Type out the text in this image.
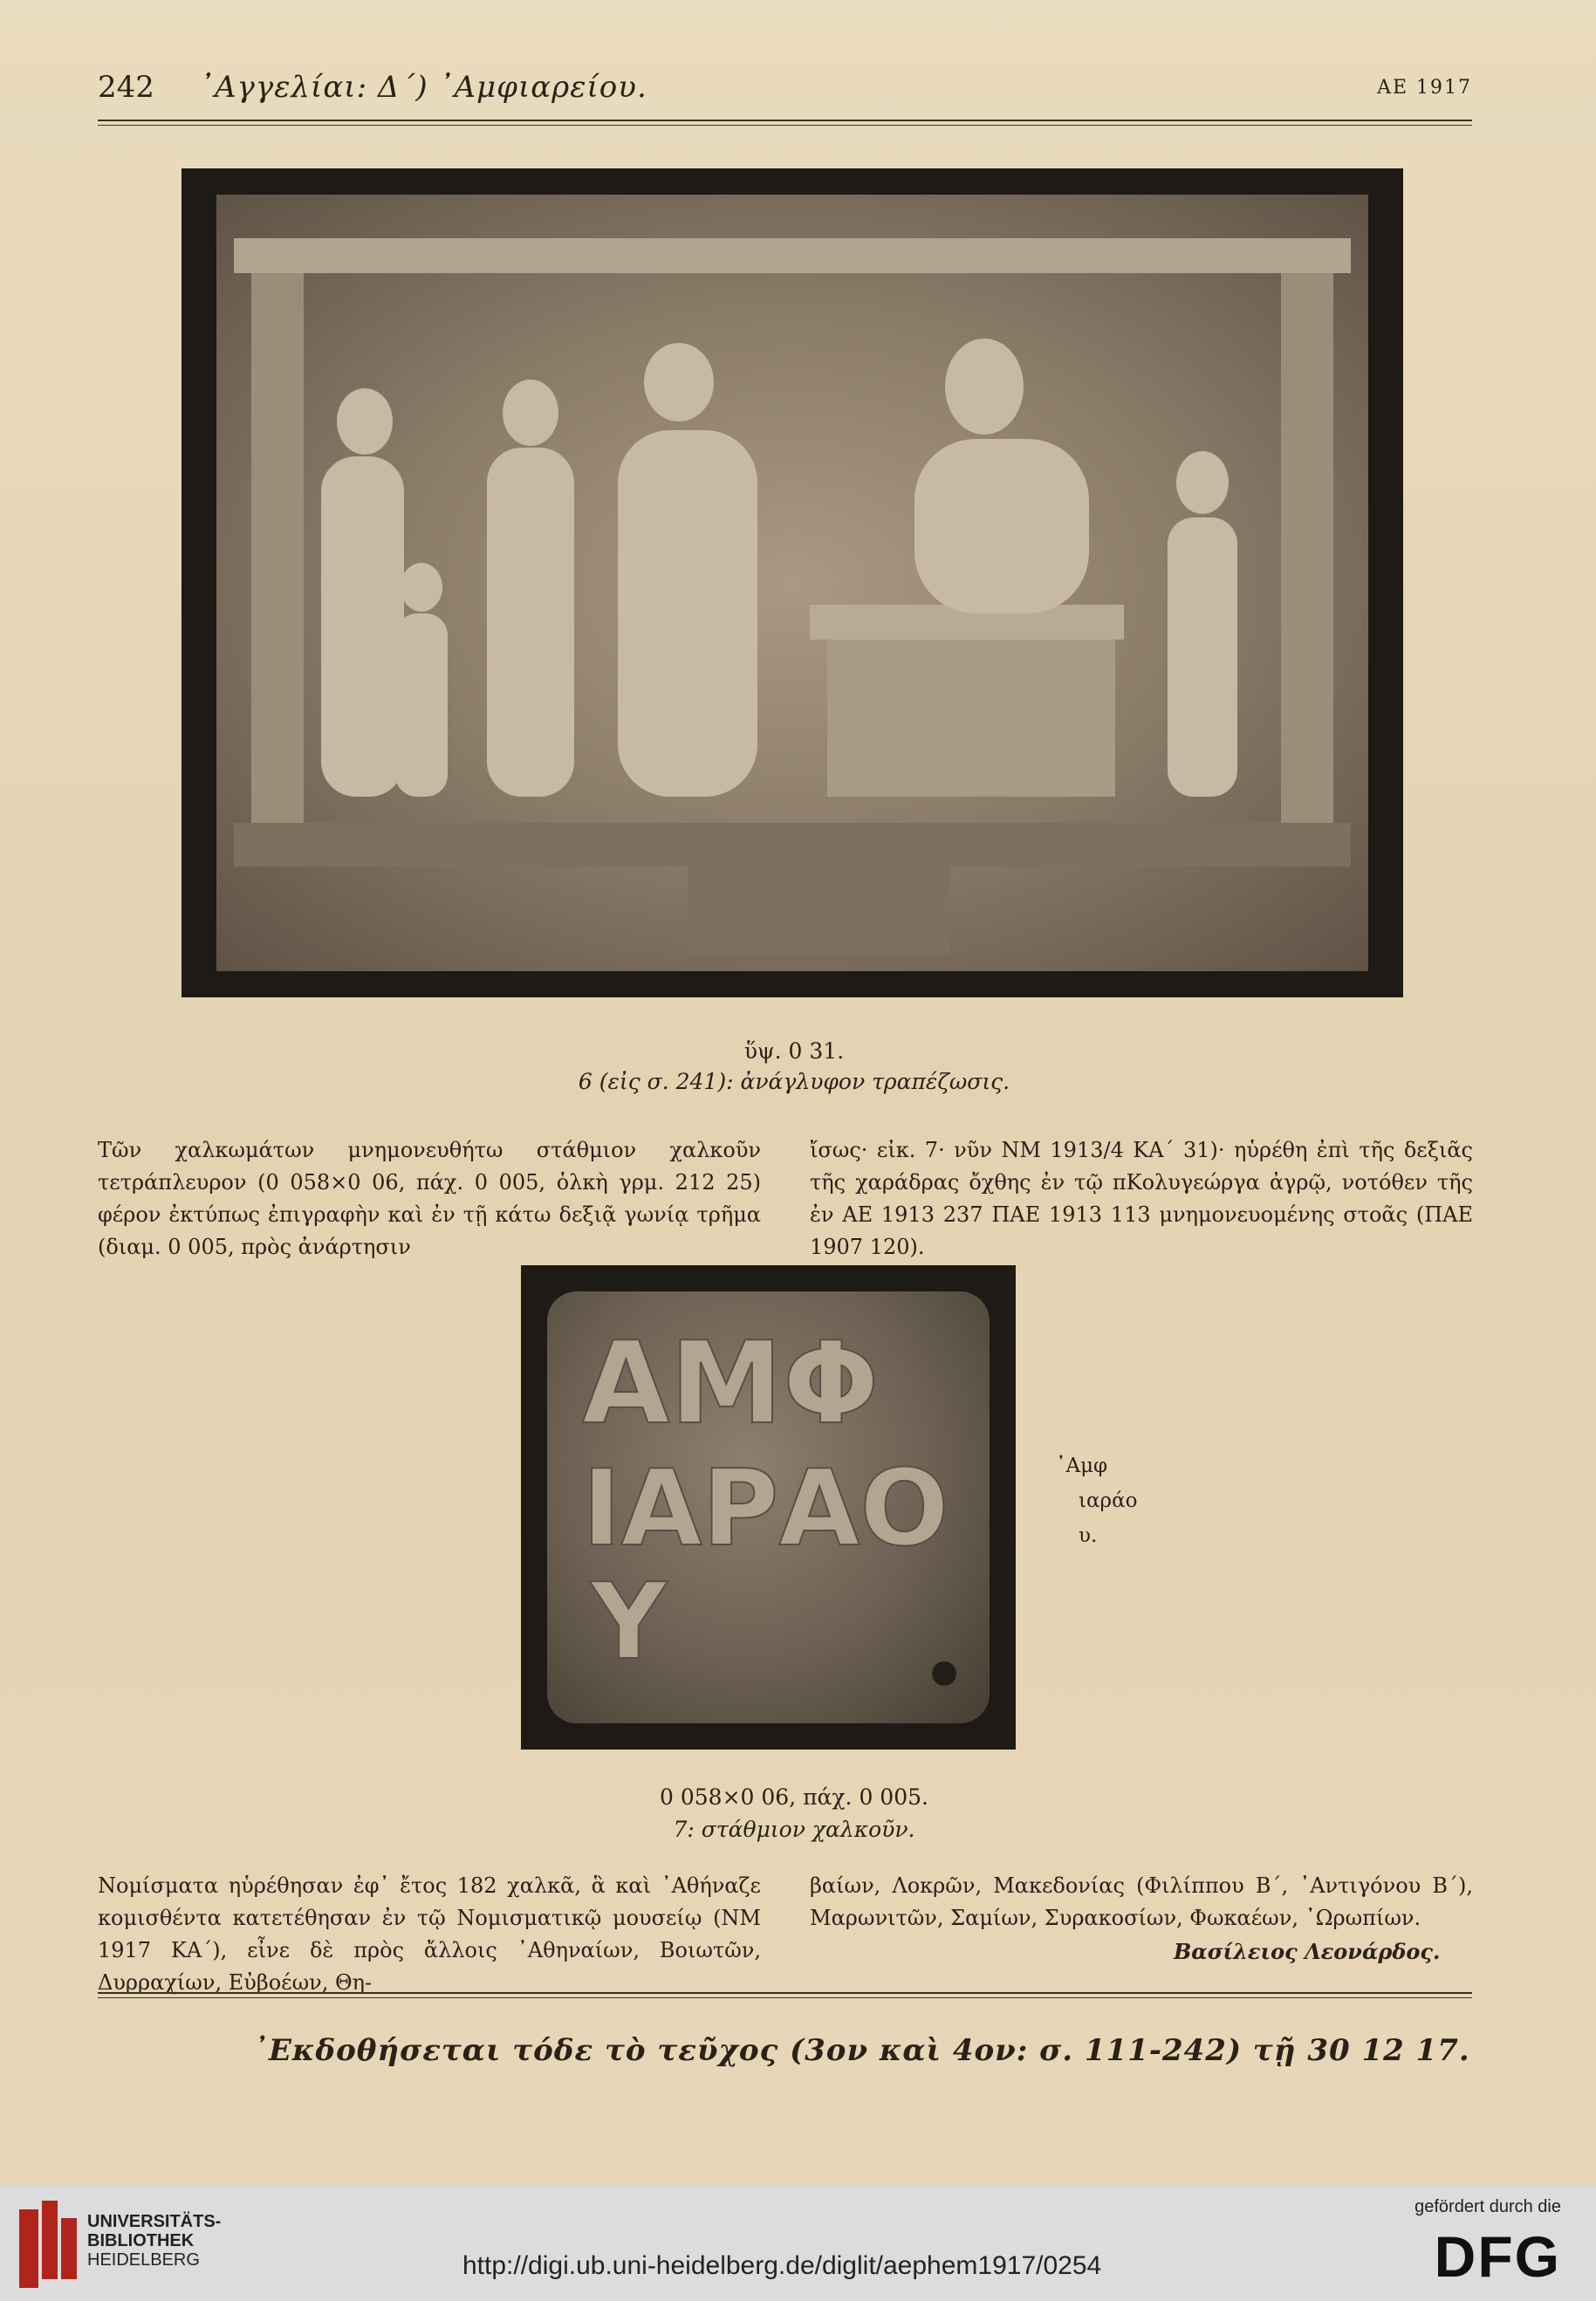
242 ᾿Αγγελίαι: Δ´) ᾿Αμφιαρείου.	ΑΕ 1917
ὕψ. 0 31.
6 (εἰς σ. 241): ἀνάγλυφον τραπέζωσις.
Τῶν χαλκωμάτων μνημονευθήτω στάθμιον χαλκοῦν τετράπλευρον (0 058×0 06, πάχ. 0 005, ὁλκὴ γρμ. 212 25) φέρον ἐκτύπως ἐπιγραφὴν καὶ ἐν τῇ κάτω δεξιᾷ γωνίᾳ τρῆμα (διαμ. 0 005, πρὸς ἀνάρτησιν
ἴσως· εἰκ. 7· νῦν ΝΜ 1913/4 ΚΑ´ 31)· ηὑρέθη ἐπὶ τῆς δεξιᾶς τῆς χαράδρας ὄχθης ἐν τῷ πΚολυγεώργα ἀγρῷ, νοτόθεν τῆς ἐν ΑΕ 1913 237 ΠΑΕ 1913 113 μνημονευομένης στοᾶς (ΠΑΕ 1907 120).
ΑΜΦ
ΙΑΡΑΟ
Υ
᾿Αμφ
ιαράο
υ.
0 058×0 06, πάχ. 0 005.
7: στάθμιον χαλκοῦν.
Νομίσματα ηὑρέθησαν ἐφ᾿ ἔτος 182 χαλκᾶ, ἃ καὶ ᾿Αθήναζε κομισθέντα κατετέθησαν ἐν τῷ Νομισματικῷ μουσείῳ (ΝΜ 1917 ΚΑ´), εἶνε δὲ πρὸς ἄλλοις ᾿Αθηναίων, Βοιωτῶν, Δυρραχίων, Εὐβοέων, Θη-
βαίων, Λοκρῶν, Μακεδονίας (Φιλίππου Β´, ᾿Αντιγόνου Β´), Μαρωνιτῶν, Σαμίων, Συρακοσίων, Φωκαέων, ᾿Ωρωπίων.
Βασίλειος Λεονάρδος.
᾿Εκδοθήσεται τόδε τὸ τεῦχος (3ον καὶ 4ον: σ. 111-242) τῇ 30 12 17.
UNIVERSITÄTS-
BIBLIOTHEK
HEIDELBERG	http://digi.ub.uni-heidelberg.de/diglit/aephem1917/0254
gefördert durch die
DFG
